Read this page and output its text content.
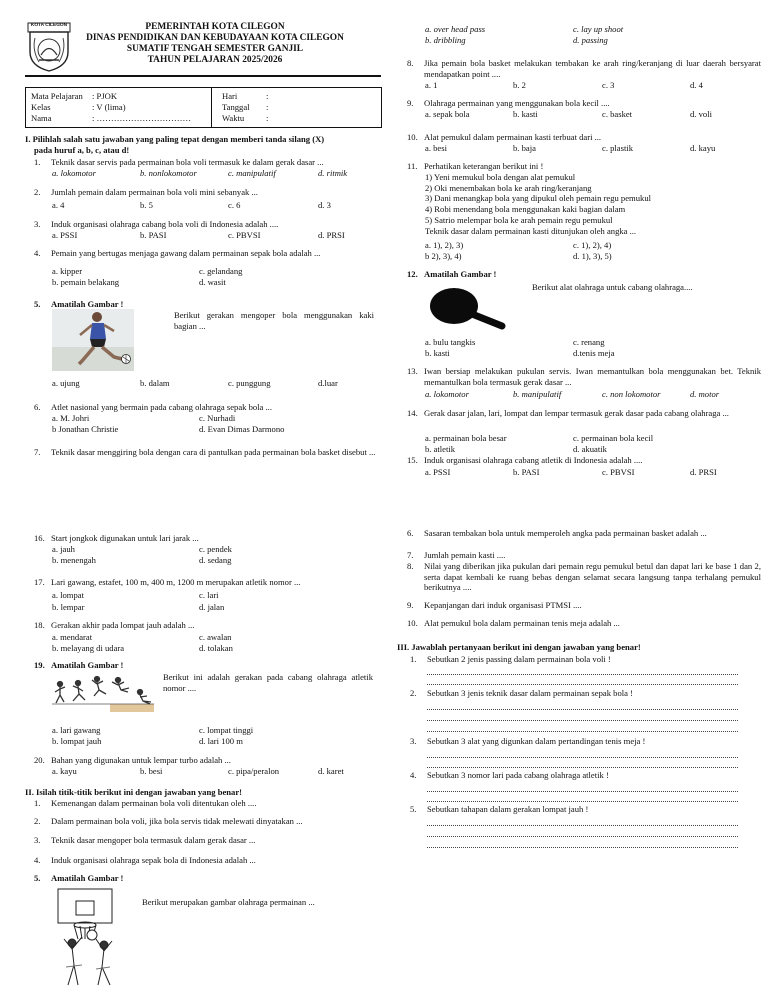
KOTA CILEGON	PEMERINTAH KOTA CILEGON
DINAS PENDIDIKAN DAN KEBUDAYAAN KOTA CILEGON
SUMATIF TENGAH SEMESTER GANJIL
TAHUN PELAJARAN 2025/2026
Mata Pelajaran : PJOK
Kelas	: V (lima)
Nama	: ……………………………
Hari	:
Tanggal :
Waktu	:
I. Pilihlah salah satu jawaban yang paling tepat dengan memberi tanda silang (X)
pada huruf a, b, c, atau d!
1. Teknik dasar servis pada permainan bola voli termasuk ke dalam gerak dasar ...
a. lokomotor	b. nonlokomotor	c. manipulatif	d. ritmik
2. Jumlah pemain dalam permainan bola voli mini sebanyak ...
a. 4	b. 5	c. 6	d. 3
3. Induk organisasi olahraga cabang bola voli di Indonesia adalah ....
a. PSSI	b. PASI	c. PBVSI	d. PRSI
4. Pemain yang bertugas menjaga gawang dalam permainan sepak bola adalah ...
a. kipper
b. pemain belakang
c. gelandang
d. wasit
5. Amatilah Gambar !
Berikut gerakan mengoper bola menggunakan kaki bagian ...
a. ujung	b. dalam	c. punggung	d.luar
6. Atlet nasional yang bermain pada cabang olahraga sepak bola ...
a. M. Johri
b Jonathan Christie
c. Nurhadi
d. Evan Dimas Darmono
7. Teknik dasar menggiring bola dengan cara di pantulkan pada permainan bola basket disebut ...
a. over head pass
b. dribbling
c. lay up shoot
d. passing
8. Jika pemain bola basket melakukan tembakan ke arah ring/keranjang di luar daerah bersyarat mendapatkan point ....
a. 1	b. 2	c. 3	d. 4
9. Olahraga permainan yang menggunakan bola kecil ....
a. sepak bola	b. kasti	c. basket	d. voli
10. Alat pemukul dalam permainan kasti terbuat dari ...
a. besi	b. baja	c. plastik	d. kayu
11. Perhatikan keterangan berikut ini !
1) Yeni memukul bola dengan alat pemukul
2) Oki menembakan bola ke arah ring/keranjang
3) Dani menangkap bola yang dipukul oleh pemain regu pemukul
4) Robi menendang bola menggunakan kaki bagian dalam
5) Satrio melempar bola ke arah pemain regu pemukul
Teknik dasar dalam permainan kasti ditunjukan oleh angka ...
a. 1), 2), 3)
b 2), 3), 4)
c. 1), 2), 4)
d. 1), 3), 5)
12. Amatilah Gambar !
Berikut alat olahraga untuk cabang olahraga....
a. bulu tangkis
b. kasti
c. renang
d.tenis meja
13. Iwan bersiap melakukan pukulan servis. Iwan memantulkan bola menggunakan bet. Teknik memantulkan bola termasuk gerak dasar ...
a. lokomotor	b. manipulatif	c. non lokomotor	d. motor
14. Gerak dasar jalan, lari, lompat dan lempar termasuk gerak dasar pada cabang olahraga ...
a. permainan bola besar
b. atletik
c. permainan bola kecil
d. akuatik
15. Induk organisasi olahraga cabang atletik di Indonesia adalah ....
a. PSSI	b. PASI	c. PBVSI	d. PRSI
16. Start jongkok digunakan untuk lari jarak ...
a. jauh
b. menengah
c. pendek
d. sedang
17. Lari gawang, estafet, 100 m, 400 m, 1200 m merupakan atletik nomor ...
a. lompat
b. lempar
c. lari
d. jalan
18. Gerakan akhir pada lompat jauh adalah ...
a. mendarat
b. melayang di udara
c. awalan
d. tolakan
19. Amatilah Gambar !
Berikut ini adalah gerakan pada cabang olahraga atletik nomor ....
a. lari gawang
b. lompat jauh
c. lompat tinggi
d. lari 100 m
20. Bahan yang digunakan untuk lempar turbo adalah ...
a. kayu	b. besi	c. pipa/peralon	d. karet
II. Isilah titik-titik berikut ini dengan jawaban yang benar!
1. Kemenangan dalam permainan bola voli ditentukan oleh ....
2. Dalam permainan bola voli, jika bola servis tidak melewati dinyatakan ...
3. Teknik dasar mengoper bola termasuk dalam gerak dasar ...
4. Induk organisasi olahraga sepak bola di Indonesia adalah ...
5. Amatilah Gambar !
Berikut merupakan gambar olahraga permainan ...
6. Sasaran tembakan bola untuk memperoleh angka pada permainan basket adalah ...
7. Jumlah pemain kasti ....
8. Nilai yang diberikan jika pukulan dari pemain regu pemukul betul dan dapat lari ke base 1 dan 2, serta dapat kembali ke ruang bebas dengan selamat secara langsung tanpa terhalang pemukul berikutnya ....
9. Kepanjangan dari induk organisasi PTMSI ....
10. Alat pemukul bola dalam permainan tenis meja adalah ...
III. Jawablah pertanyaan berikut ini dengan jawaban yang benar!
1. Sebutkan 2 jenis passing dalam permainan bola voli !
2. Sebutkan 3 jenis teknik dasar dalam permainan sepak bola !
3. Sebutkan 3 alat yang digunkan dalam pertandingan tenis meja !
4. Sebutkan 3 nomor lari pada cabang olahraga atletik !
5. Sebutkan tahapan dalam gerakan lompat jauh !
